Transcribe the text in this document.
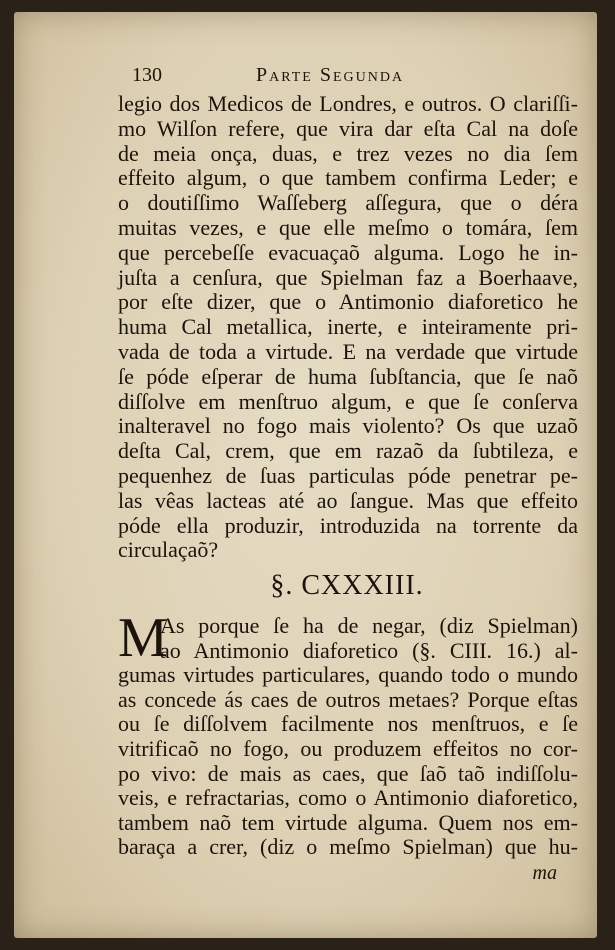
130	Parte Segunda
legio dos Medicos de Londres, e outros. O clariſſi-
mo Wilſon refere, que vira dar eſta Cal na doſe
de meia onça, duas, e trez vezes no dia ſem
effeito algum, o que tambem confirma Leder; e
o doutiſſimo Waſſeberg aſſegura, que o déra
muitas vezes, e que elle meſmo o tomára, ſem
que percebeſſe evacuaçaõ alguma. Logo he in-
juſta a cenſura, que Spielman faz a Boerhaave,
por eſte dizer, que o Antimonio diaforetico he
huma Cal metallica, inerte, e inteiramente pri-
vada de toda a virtude. E na verdade que virtude
ſe póde eſperar de huma ſubſtancia, que ſe naõ
diſſolve em menſtruo algum, e que ſe conſerva
inalteravel no fogo mais violento? Os que uzaõ
deſta Cal, crem, que em razaõ da ſubtileza, e
pequenhez de ſuas particulas póde penetrar pe-
las vêas lacteas até ao ſangue. Mas que effeito
póde ella produzir, introduzida na torrente da
circulaçaõ?
§. CXXXIII.
M
As porque ſe ha de negar, (diz Spielman)
ao Antimonio diaforetico (§. CIII. 16.) al-
gumas virtudes particulares, quando todo o mundo
as concede ás caes de outros metaes? Porque eſtas
ou ſe diſſolvem facilmente nos menſtruos, e ſe
vitrificaõ no fogo, ou produzem effeitos no cor-
po vivo: de mais as caes, que ſaõ taõ indiſſolu-
veis, e refractarias, como o Antimonio diaforetico,
tambem naõ tem virtude alguma. Quem nos em-
baraça a crer, (diz o meſmo Spielman) que hu-
ma
